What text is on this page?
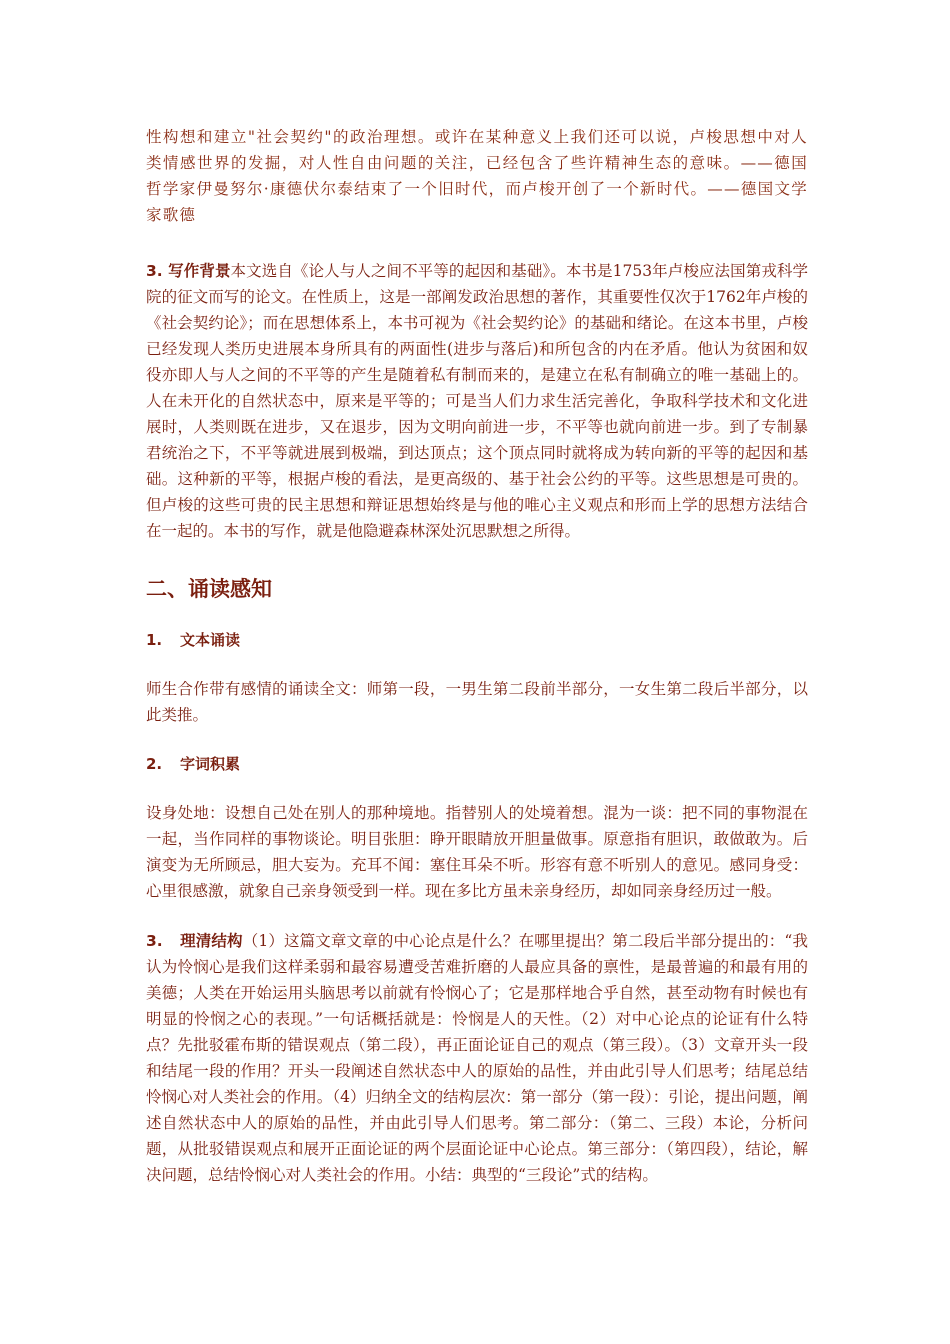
性构想和建立"社会契约"的政治理想。或许在某种意义上我们还可以说，卢梭思想中对人类情感世界的发掘，对人性自由问题的关注，已经包含了些许精神生态的意味。——德国哲学家伊曼努尔·康德伏尔泰结束了一个旧时代，而卢梭开创了一个新时代。——德国文学家歌德

3. 写作背景本文选自《论人与人之间不平等的起因和基础》。本书是1753年卢梭应法国第戎科学院的征文而写的论文。在性质上，这是一部阐发政治思想的著作，其重要性仅次于1762年卢梭的《社会契约论》；而在思想体系上，本书可视为《社会契约论》的基础和绪论。在这本书里，卢梭已经发现人类历史进展本身所具有的两面性(进步与落后)和所包含的内在矛盾。他认为贫困和奴役亦即人与人之间的不平等的产生是随着私有制而来的，是建立在私有制确立的唯一基础上的。人在未开化的自然状态中，原来是平等的；可是当人们力求生活完善化，争取科学技术和文化进展时，人类则既在进步，又在退步，因为文明向前进一步，不平等也就向前进一步。到了专制暴君统治之下，不平等就进展到极端，到达顶点；这个顶点同时就将成为转向新的平等的起因和基础。这种新的平等，根据卢梭的看法，是更高级的、基于社会公约的平等。这些思想是可贵的。但卢梭的这些可贵的民主思想和辩证思想始终是与他的唯心主义观点和形而上学的思想方法结合在一起的。本书的写作，就是他隐避森林深处沉思默想之所得。

二、诵读感知
1. 文本诵读

师生合作带有感情的诵读全文：师第一段，一男生第二段前半部分，一女生第二段后半部分，以此类推。

2. 字词积累

设身处地：设想自己处在别人的那种境地。指替别人的处境着想。混为一谈：把不同的事物混在一起，当作同样的事物谈论。明目张胆：睁开眼睛放开胆量做事。原意指有胆识，敢做敢为。后演变为无所顾忌，胆大妄为。充耳不闻：塞住耳朵不听。形容有意不听别人的意见。感同身受：心里很感激，就象自己亲身领受到一样。现在多比方虽未亲身经历，却如同亲身经历过一般。

3. 理清结构（1）这篇文章文章的中心论点是什么？在哪里提出？第二段后半部分提出的：“我认为怜悯心是我们这样柔弱和最容易遭受苦难折磨的人最应具备的禀性，是最普遍的和最有用的美德；人类在开始运用头脑思考以前就有怜悯心了；它是那样地合乎自然，甚至动物有时候也有明显的怜悯之心的表现。”一句话概括就是：怜悯是人的天性。（2）对中心论点的论证有什么特点？先批驳霍布斯的错误观点（第二段），再正面论证自己的观点（第三段）。（3）文章开头一段和结尾一段的作用？开头一段阐述自然状态中人的原始的品性，并由此引导人们思考；结尾总结怜悯心对人类社会的作用。（4）归纳全文的结构层次：第一部分（第一段）：引论，提出问题，阐述自然状态中人的原始的品性，并由此引导人们思考。第二部分：（第二、三段）本论，分析问题，从批驳错误观点和展开正面论证的两个层面论证中心论点。第三部分：（第四段），结论，解决问题，总结怜悯心对人类社会的作用。小结：典型的“三段论”式的结构。
